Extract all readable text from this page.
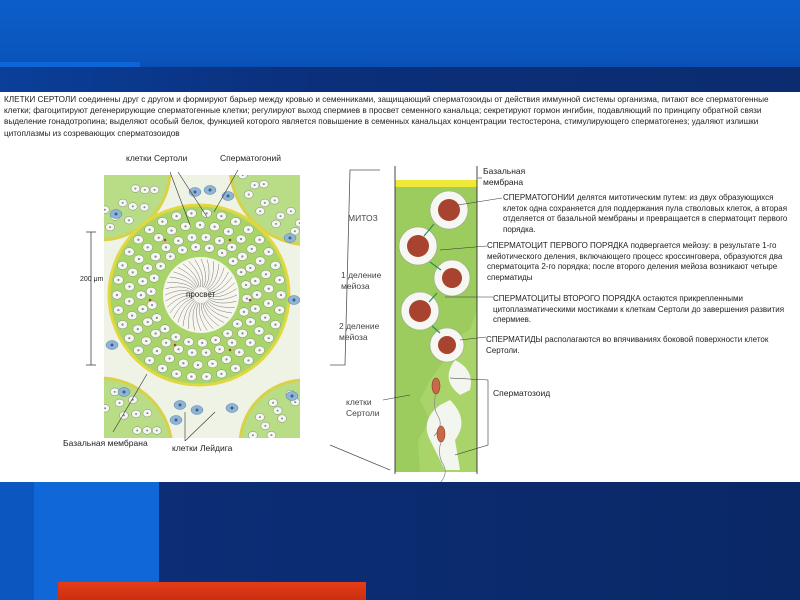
КЛЕТКИ СЕРТОЛИ соединены друг с другом и формируют барьер между кровью и семенниками, защищающий сперматозоиды от действия иммунной системы организма, питают все сперматогенные клетки; фагоцитируют дегенерирующие сперматогенные клетки; регулируют выход спермиев в просвет семенного канальца; секретируют гормон ингибин, подавляющий по принципу обратной связи выделение гонадотропина; выделяют особый белок, функцией которого является повышение в семенных канальцах концентрации тестостерона, стимулирующего сперматогенез; удаляют излишки цитоплазмы из созревающих сперматозоидов
клетки Сертоли	Сперматогоний
200 μm
просвет
Базальная мембрана	клетки Лейдига
МИТОЗ
1 деление мейоза
2 деление мейоза
клетки Сертоли
Базальная мембрана
СПЕРМАТОГОНИИ делятся митотическим путем: из двух образующихся клеток одна сохраняется для поддержания пула стволовых клеток, а вторая отделяется от базальной мембраны и превращается в сперматоцит первого порядка.
СПЕРМАТОЦИТ ПЕРВОГО ПОРЯДКА подвергается мейозу: в результате 1-го мейотического деления, включающего процесс кроссинговера, образуются два сперматоцита 2-го порядка; после второго деления мейоза возникают четыре сперматиды
СПЕРМАТОЦИТЫ ВТОРОГО ПОРЯДКА остаются прикрепленными цитоплазматическими мостиками к клеткам Сертоли до завершения развития спермиев.
СПЕРМАТИДЫ располагаются во впячиваниях боковой поверхности клеток Сертоли.
Сперматозоид
